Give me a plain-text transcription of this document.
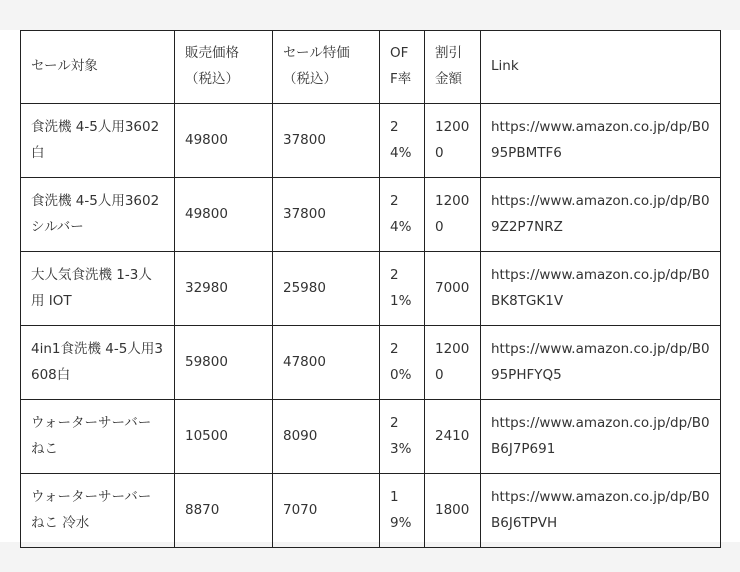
セール対象	販売価格（税込）	セール特価（税込）	OFF率	割引金額	Link
食洗機 4-5人用3602白	49800	37800	24%	12000	https://www.amazon.co.jp/dp/B095PBMTF6
食洗機 4-5人用3602シルバー	49800	37800	24%	12000	https://www.amazon.co.jp/dp/B09Z2P7NRZ
大人気食洗機 1-3人用 IOT	32980	25980	21%	7000	https://www.amazon.co.jp/dp/B0BK8TGK1V
4in1食洗機 4-5人用3608白	59800	47800	20%	12000	https://www.amazon.co.jp/dp/B095PHFYQ5
ウォーターサーバーねこ	10500	8090	23%	2410	https://www.amazon.co.jp/dp/B0B6J7P691
ウォーターサーバーねこ 冷水	8870	7070	19%	1800	https://www.amazon.co.jp/dp/B0B6J6TPVH
